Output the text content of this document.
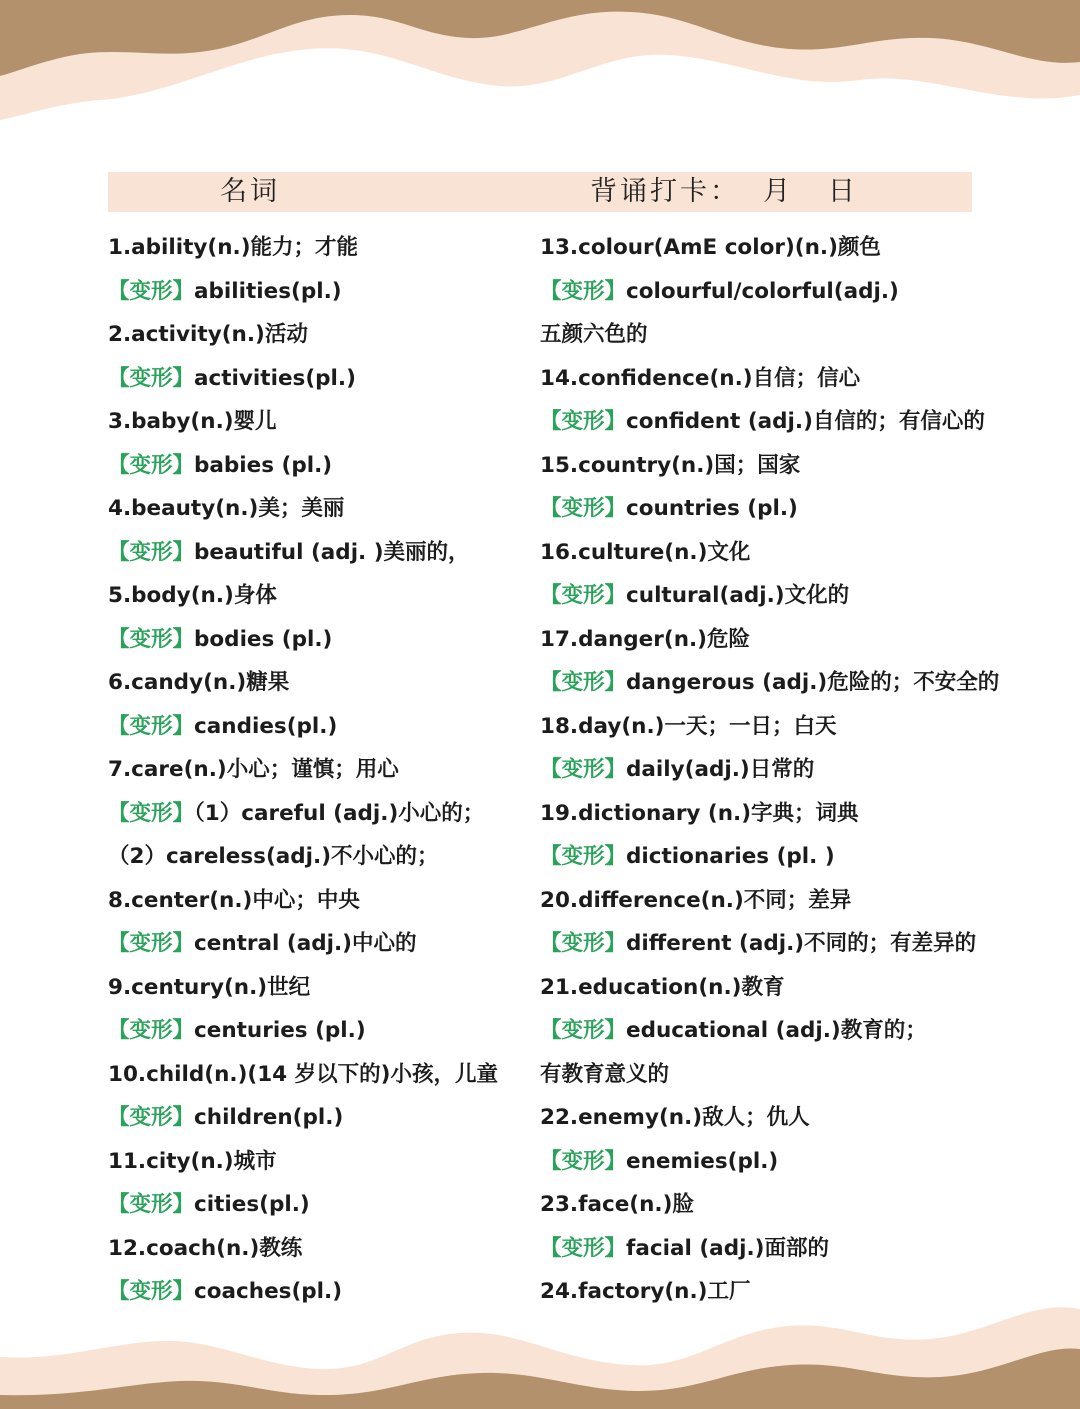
名词	背诵打卡：  月   日
1.ability(n.)能力；才能
【变形】abilities(pl.)
2.activity(n.)活动
【变形】activities(pl.)
3.baby(n.)婴儿
【变形】babies (pl.)
4.beauty(n.)美；美丽
【变形】beautiful (adj. )美丽的，
5.body(n.)身体
【变形】bodies (pl.)
6.candy(n.)糖果
【变形】candies(pl.)
7.care(n.)小心；谨慎；用心
【变形】（1）careful (adj.)小心的；
（2）careless(adj.)不小心的；
8.center(n.)中心；中央
【变形】central (adj.)中心的
9.century(n.)世纪
【变形】centuries (pl.)
10.child(n.)(14 岁以下的)小孩，儿童
【变形】children(pl.)
11.city(n.)城市
【变形】cities(pl.)
12.coach(n.)教练
【变形】coaches(pl.)
13.colour(AmE color)(n.)颜色
【变形】colourful/colorful(adj.)
五颜六色的
14.confidence(n.)自信；信心
【变形】confident (adj.)自信的；有信心的
15.country(n.)国；国家
【变形】countries (pl.)
16.culture(n.)文化
【变形】cultural(adj.)文化的
17.danger(n.)危险
【变形】dangerous (adj.)危险的；不安全的
18.day(n.)一天；一日；白天
【变形】daily(adj.)日常的
19.dictionary (n.)字典；词典
【变形】dictionaries (pl. )
20.difference(n.)不同；差异
【变形】different (adj.)不同的；有差异的
21.education(n.)教育
【变形】educational (adj.)教育的；
有教育意义的
22.enemy(n.)敌人；仇人
【变形】enemies(pl.)
23.face(n.)脸
【变形】facial (adj.)面部的
24.factory(n.)工厂
